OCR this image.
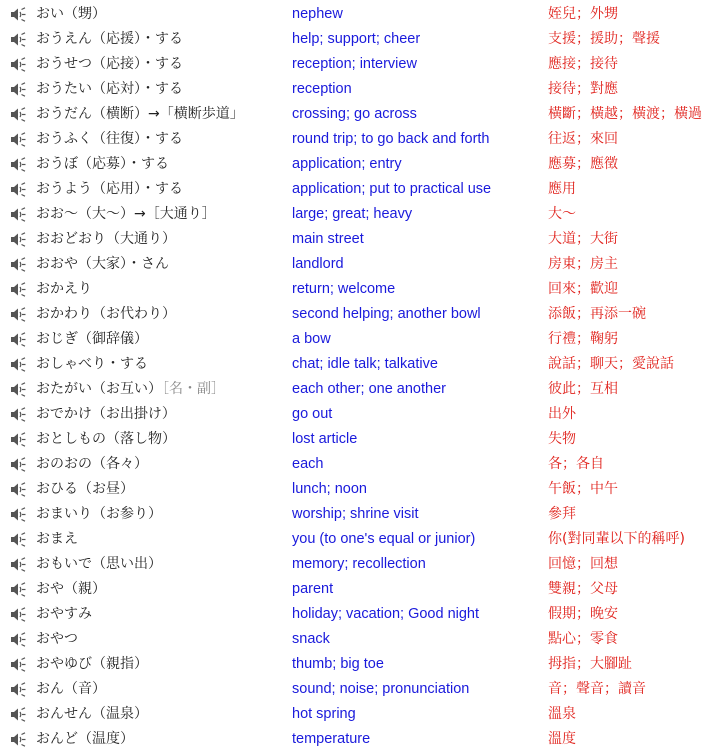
おい（甥）	nephew	姪兒；外甥
おうえん（応援）・する	help; support; cheer	支援；援助；聲援
おうせつ（応接）・する	reception; interview	應接；接待
おうたい（応対）・する	reception	接待；對應
おうだん（横断）→「横断歩道」	crossing; go across	橫斷；橫越；橫渡；橫過
おうふく（往復）・する	round trip; to go back and forth	往返；來回
おうぼ（応募）・する	application; entry	應募；應徵
おうよう（応用）・する	application; put to practical use	應用
おお～（大～）→［大通り］	large; great; heavy	大～
おおどおり（大通り）	main street	大道；大街
おおや（大家）・さん	landlord	房東；房主
おかえり	return; welcome	回來；歡迎
おかわり（お代わり）	second helping; another bowl	添飯；再添一碗
おじぎ（御辞儀）	a bow	行禮；鞠躬
おしゃべり・する	chat; idle talk; talkative	說話；聊天；愛說話
おたがい（お互い）［名・副］	each other; one another	彼此；互相
おでかけ（お出掛け）	go out	出外
おとしもの（落し物）	lost article	失物
おのおの（各々）	each	各；各自
おひる（お昼）	lunch; noon	午飯；中午
おまいり（お参り）	worship; shrine visit	參拜
おまえ	you (to one's equal or junior)	你(對同輩以下的稱呼)
おもいで（思い出）	memory; recollection	回憶；回想
おや（親）	parent	雙親；父母
おやすみ	holiday; vacation; Good night	假期；晚安
おやつ	snack	點心；零食
おやゆび（親指）	thumb; big toe	拇指；大腳趾
おん（音）	sound; noise; pronunciation	音；聲音；讀音
おんせん（温泉）	hot spring	溫泉
おんど（温度）	temperature	溫度
